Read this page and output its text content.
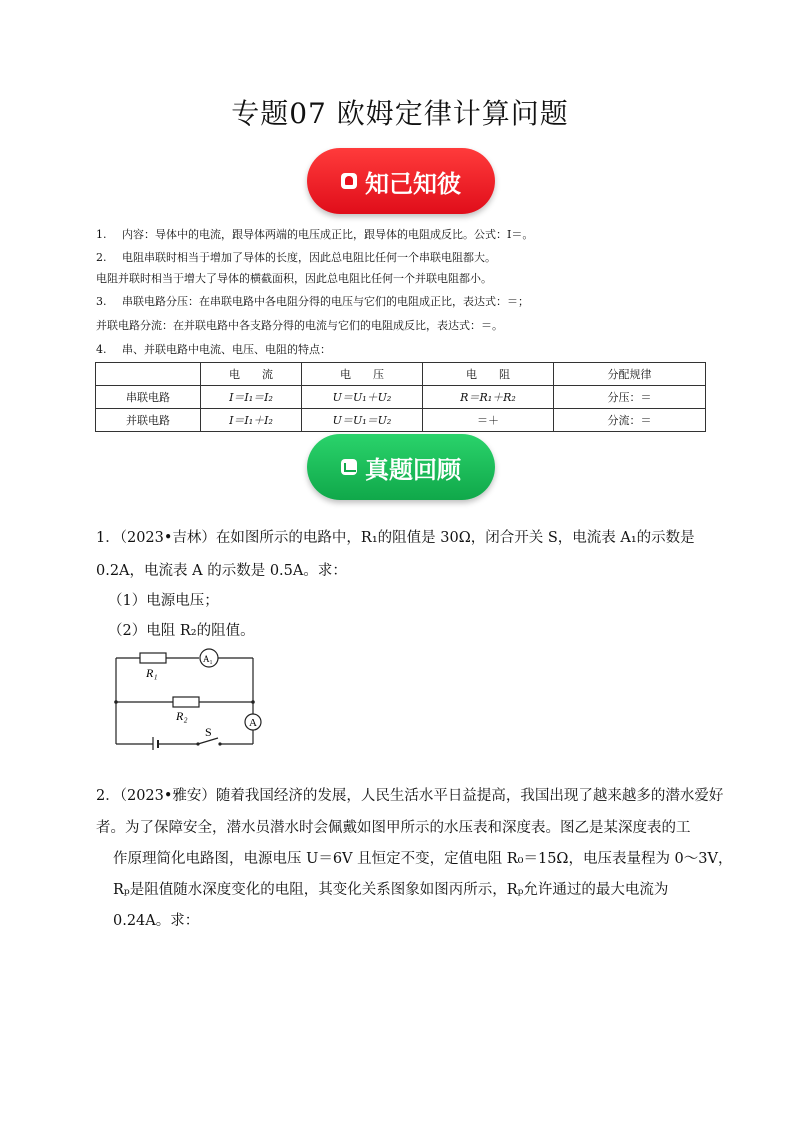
专题07 欧姆定律计算问题
知己知彼
1. 内容：导体中的电流，跟导体两端的电压成正比，跟导体的电阻成反比。公式：I＝。
2. 电阻串联时相当于增加了导体的长度，因此总电阻比任何一个串联电阻都大。
电阻并联时相当于增大了导体的横截面积，因此总电阻比任何一个并联电阻都小。
3. 串联电路分压：在串联电路中各电阻分得的电压与它们的电阻成正比，表达式：＝；
并联电路分流：在并联电路中各支路分得的电流与它们的电阻成反比，表达式：＝。
4. 串、并联电路中电流、电压、电阻的特点：
	电　　流	电　　压	电　　阻	分配规律
串联电路	I＝I₁＝I₂	U＝U₁＋U₂	R＝R₁＋R₂	分压：＝
并联电路	I＝I₁＋I₂	U＝U₁＝U₂	＝＋	分流：＝
真题回顾
1．（2023•吉林）在如图所示的电路中，R₁的阻值是 30Ω，闭合开关 S，电流表 A₁的示数是
0.2A，电流表 A 的示数是 0.5A。求：
（1）电源电压；
（2）电阻 R₂的阻值。
R₁
R₂
A₁
A
S
2．（2023•雅安）随着我国经济的发展，人民生活水平日益提高，我国出现了越来越多的潜水爱好
者。为了保障安全，潜水员潜水时会佩戴如图甲所示的水压表和深度表。图乙是某深度表的工
作原理简化电路图，电源电压 U＝6V 且恒定不变，定值电阻 R₀＝15Ω，电压表量程为 0～3V，
Rₚ是阻值随水深度变化的电阻，其变化关系图象如图丙所示，Rₚ允许通过的最大电流为
0.24A。求：
